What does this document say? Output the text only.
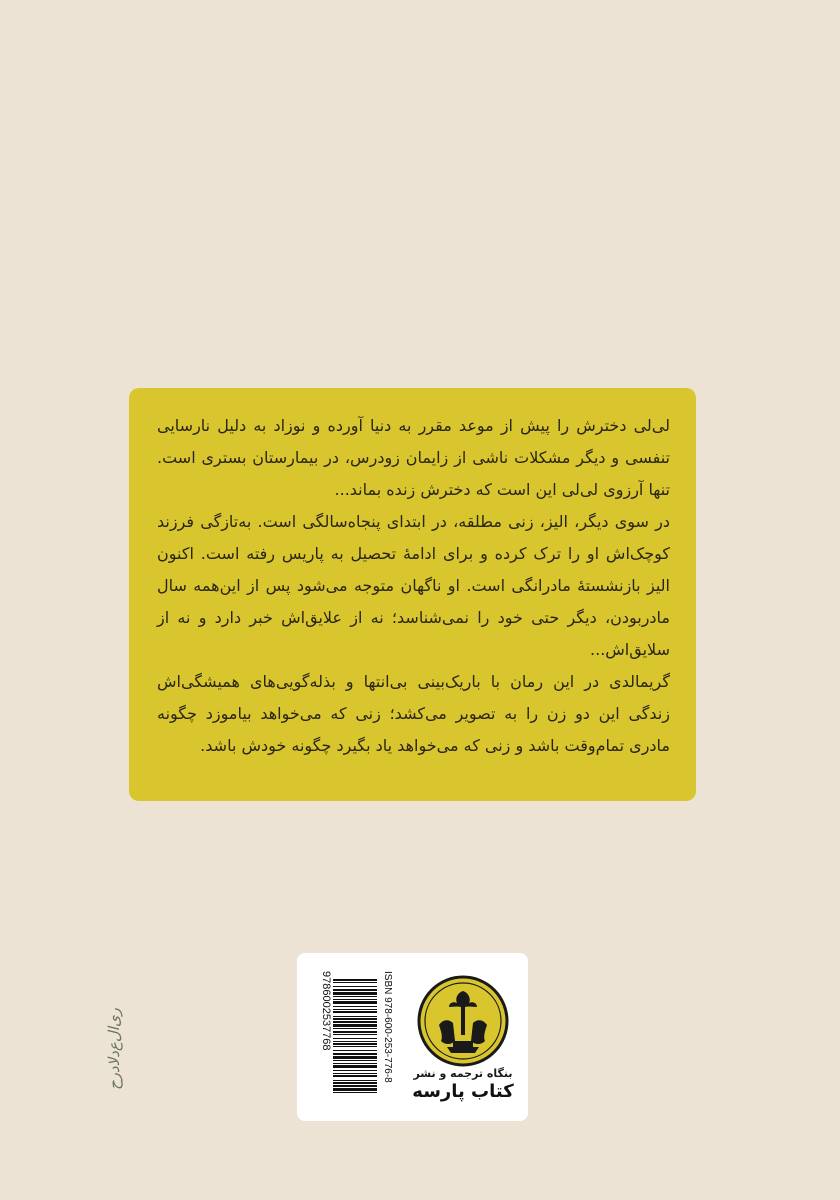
لی‌لی دخترش را پیش از موعد مقرر به دنیا آورده و نوزاد به دلیل نارسایی تنفسی و دیگر مشکلات ناشی از زایمان زودرس، در بیمارستان بستری است. تنها آرزوی لی‌لی این است که دخترش زنده بماند...

در سوی دیگر، الیز، زنی مطلقه، در ابتدای پنجاه‌سالگی است. به‌تازگی فرزند کوچک‌اش او را ترک کرده و برای ادامهٔ تحصیل به پاریس رفته است. اکنون الیز بازنشستهٔ مادرانگی است. او ناگهان متوجه می‌شود پس از این‌همه سال مادربودن، دیگر حتی خود را نمی‌شناسد؛ نه از علایق‌اش خبر دارد و نه از سلایق‌اش...

گریمالدی در این رمان با باریک‌بینی بی‌انتها و بذله‌گویی‌های همیشگی‌اش زندگی این دو زن را به تصویر می‌کشد؛ زنی که می‌خواهد بیاموزد چگونه مادری تمام‌وقت باشد و زنی که می‌خواهد یاد بگیرد چگونه خودش باشد.

ISBN 978-600-253-776-8
9786002537768
بنگاه ترجمه و نشر
کتاب پارسه
ری‌ال‌ع‌دلاد‌رح
